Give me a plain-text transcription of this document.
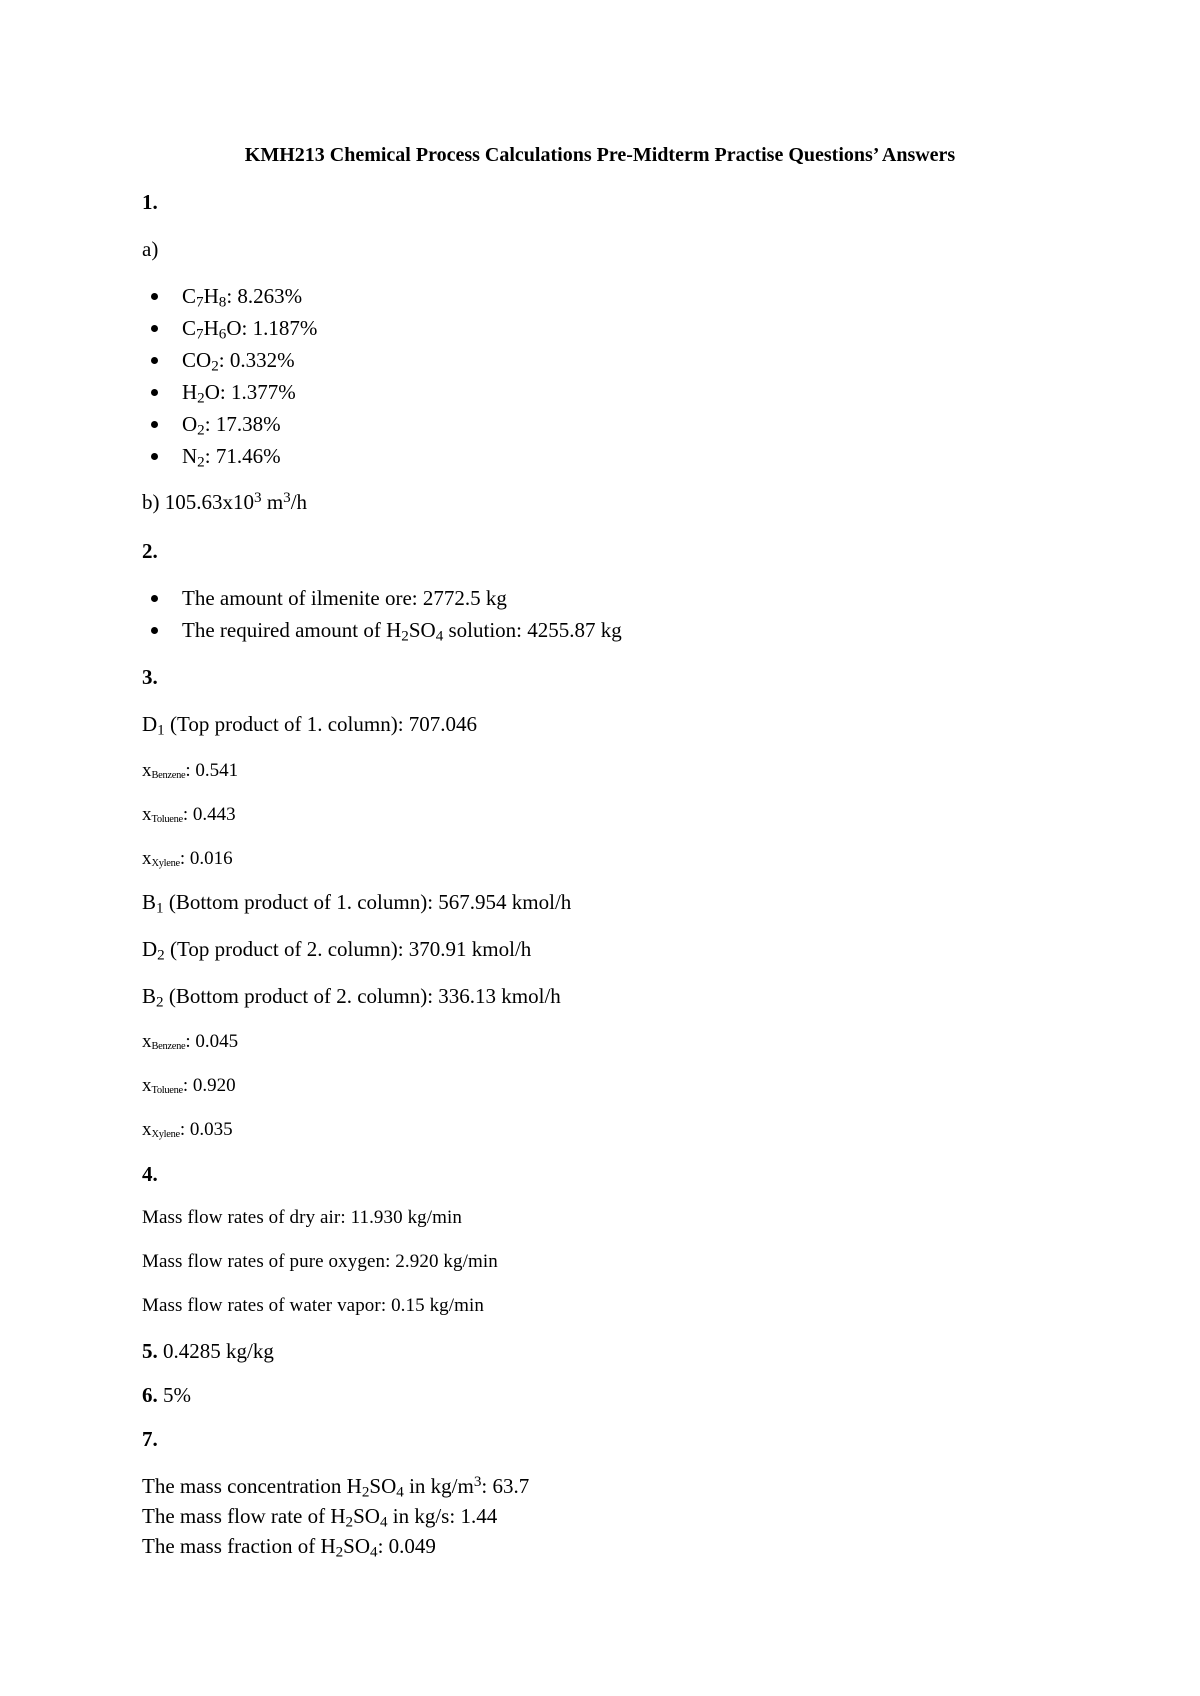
KMH213 Chemical Process Calculations Pre-Midterm Practise Questions’ Answers
1.
a)
C7H8: 8.263%
C7H6O: 1.187%
CO2: 0.332%
H2O: 1.377%
O2: 17.38%
N2: 71.46%
b) $105.63x10^3$ $m^3/h$
2.
The amount of ilmenite ore: 2772.5 kg
The required amount of H2SO4 solution: 4255.87 kg
3.
D1 (Top product of 1. column): 707.046
xBenzene: 0.541
xToluene: 0.443
xXylene: 0.016
B1 (Bottom product of 1. column): 567.954 kmol/h
D2 (Top product of 2. column): 370.91 kmol/h
B2 (Bottom product of 2. column): 336.13 kmol/h
xBenzene: 0.045
xToluene: 0.920
xXylene: 0.035
4.
Mass flow rates of dry air: 11.930 kg/min
Mass flow rates of pure oxygen: 2.920 kg/min
Mass flow rates of water vapor: 0.15 kg/min
5. 0.4285 kg/kg
6. 5%
7.
The mass concentration H2SO4 in $kg/m^3$: 63.7
The mass flow rate of H2SO4 in kg/s: 1.44
The mass fraction of H2SO4: 0.049
